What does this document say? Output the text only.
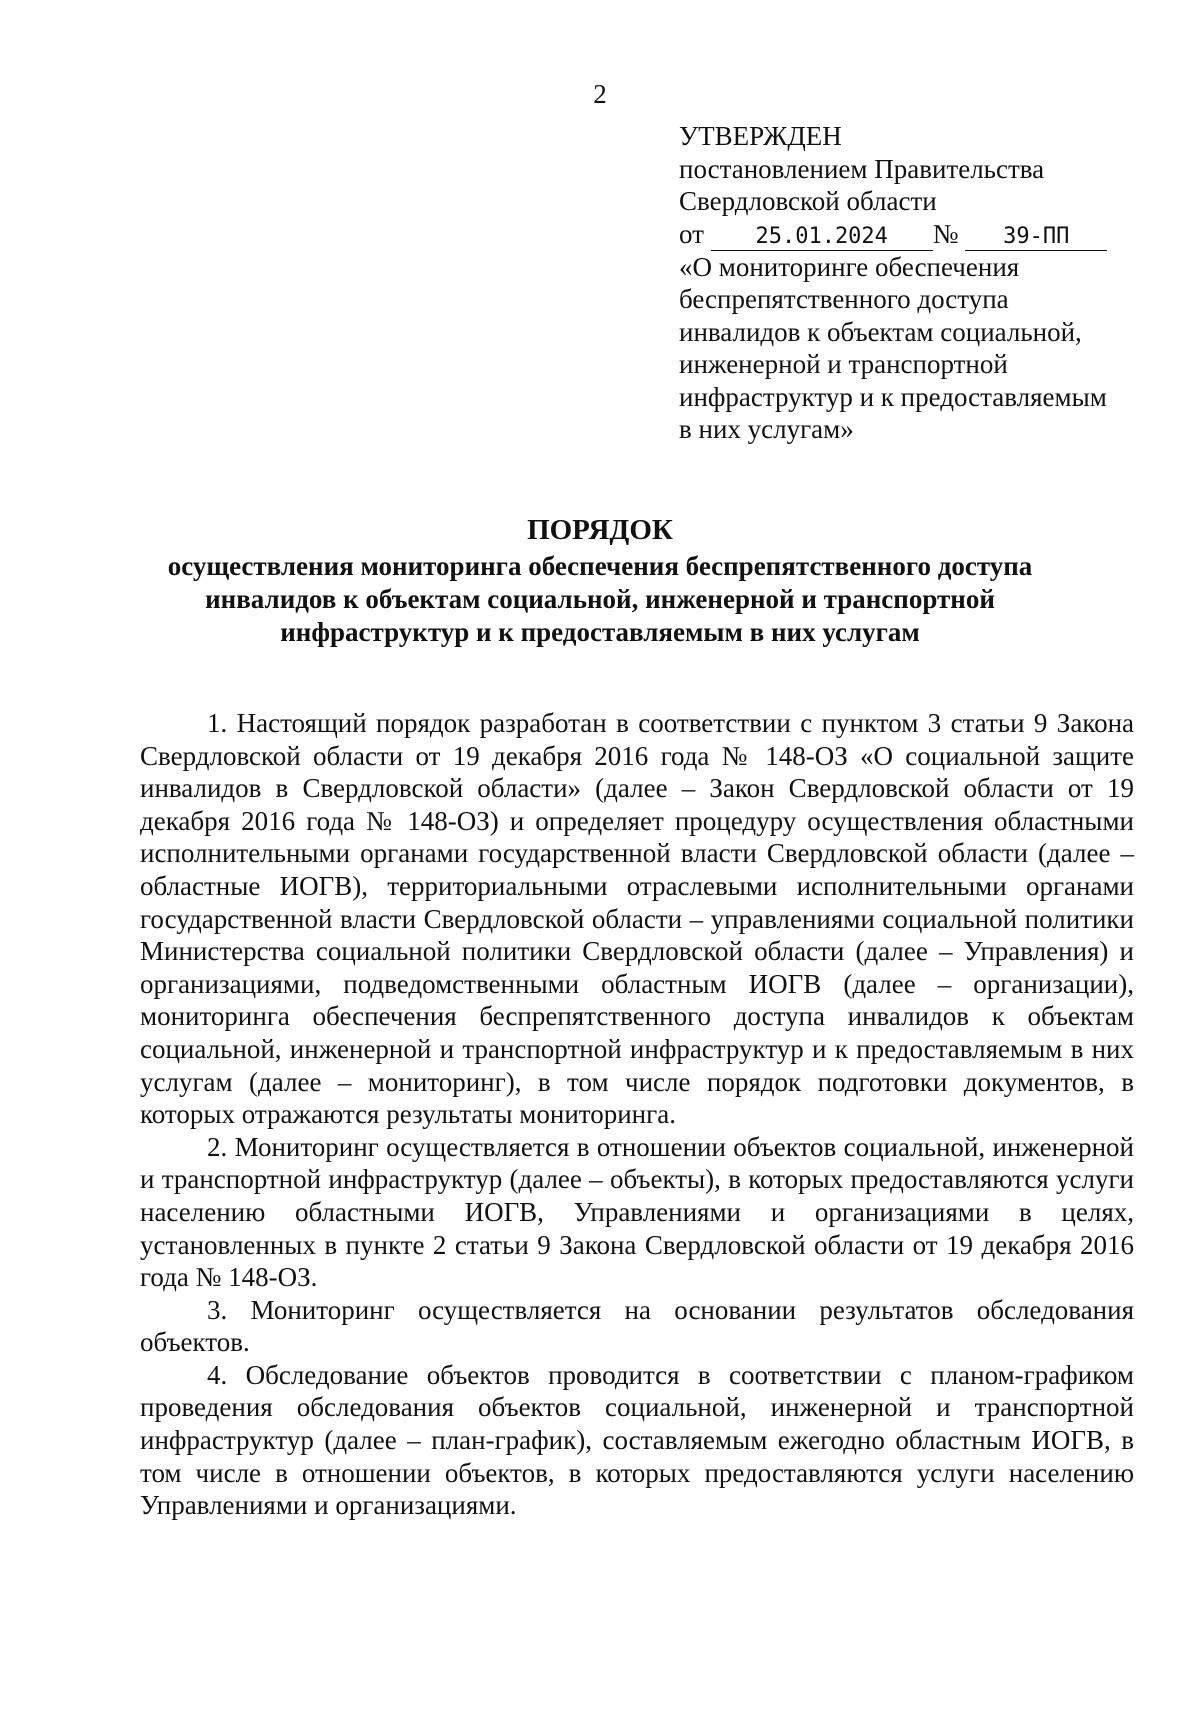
2
УТВЕРЖДЕН
постановлением Правительства
Свердловской области
от 25.01.2024 № 39-ПП
«О мониторинге обеспечения
беспрепятственного доступа
инвалидов к объектам социальной,
инженерной и транспортной
инфраструктур и к предоставляемым
в них услугам»
ПОРЯДОК
осуществления мониторинга обеспечения беспрепятственного доступа
инвалидов к объектам социальной, инженерной и транспортной
инфраструктур и к предоставляемым в них услугам

1. Настоящий порядок разработан в соответствии с пунктом 3 статьи 9 Закона Свердловской области от 19 декабря 2016 года № 148-ОЗ «О социальной защите инвалидов в Свердловской области» (далее – Закон Свердловской области от 19 декабря 2016 года № 148-ОЗ) и определяет процедуру осуществления областными исполнительными органами государственной власти Свердловской области (далее – областные ИОГВ), территориальными отраслевыми исполнительными органами государственной власти Свердловской области – управлениями социальной политики Министерства социальной политики Свердловской области (далее – Управления) и организациями, подведомственными областным ИОГВ (далее – организации), мониторинга обеспечения беспрепятственного доступа инвалидов к объектам социальной, инженерной и транспортной инфраструктур и к предоставляемым в них услугам (далее – мониторинг), в том числе порядок подготовки документов, в которых отражаются результаты мониторинга.

2. Мониторинг осуществляется в отношении объектов социальной, инженерной и транспортной инфраструктур (далее – объекты), в которых предоставляются услуги населению областными ИОГВ, Управлениями и организациями в целях, установленных в пункте 2 статьи 9 Закона Свердловской области от 19 декабря 2016 года № 148-ОЗ.

3. Мониторинг осуществляется на основании результатов обследования объектов.

4. Обследование объектов проводится в соответствии с планом-графиком проведения обследования объектов социальной, инженерной и транспортной инфраструктур (далее – план-график), составляемым ежегодно областным ИОГВ, в том числе в отношении объектов, в которых предоставляются услуги населению Управлениями и организациями.
